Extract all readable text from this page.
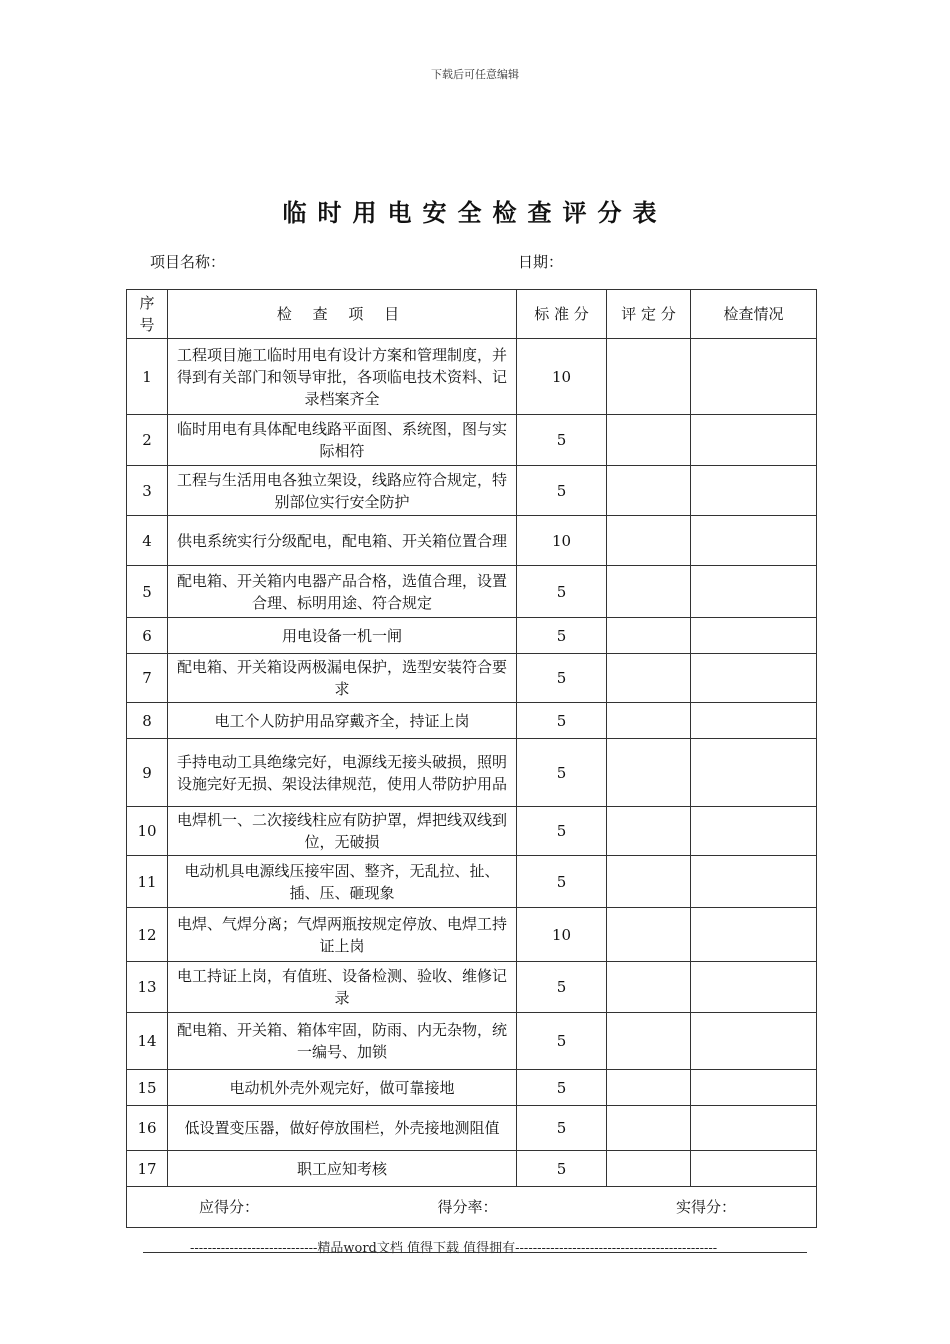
下载后可任意编辑
临时用电安全检查评分表
项目名称：	日期：
序号	检 查 项 目	标 准 分	评 定 分	检查情况
1	工程项目施工临时用电有设计方案和管理制度，并得到有关部门和领导审批，各项临电技术资料、记录档案齐全	10		
2	临时用电有具体配电线路平面图、系统图，图与实际相符	5		
3	工程与生活用电各独立架设，线路应符合规定，特别部位实行安全防护	5		
4	供电系统实行分级配电，配电箱、开关箱位置合理	10		
5	配电箱、开关箱内电器产品合格，选值合理，设置合理、标明用途、符合规定	5		
6	用电设备一机一闸	5		
7	配电箱、开关箱设两极漏电保护，选型安装符合要求	5		
8	电工个人防护用品穿戴齐全，持证上岗	5		
9	手持电动工具绝缘完好，电源线无接头破损，照明设施完好无损、架设法律规范，使用人带防护用品	5		
10	电焊机一、二次接线柱应有防护罩，焊把线双线到位，无破损	5		
11	电动机具电源线压接牢固、整齐，无乱拉、扯、插、压、砸现象	5		
12	电焊、气焊分离；气焊两瓶按规定停放、电焊工持证上岗	10		
13	电工持证上岗，有值班、设备检测、验收、维修记录	5		
14	配电箱、开关箱、箱体牢固，防雨、内无杂物，统一编号、加锁	5		
15	电动机外壳外观完好，做可靠接地	5		
16	低设置变压器，做好停放围栏，外壳接地测阻值	5		
17	职工应知考核	5		

应得分： 得分率： 实得分：				
-----------------------------精品word文档 值得下载 值得拥有----------------------------------------------
